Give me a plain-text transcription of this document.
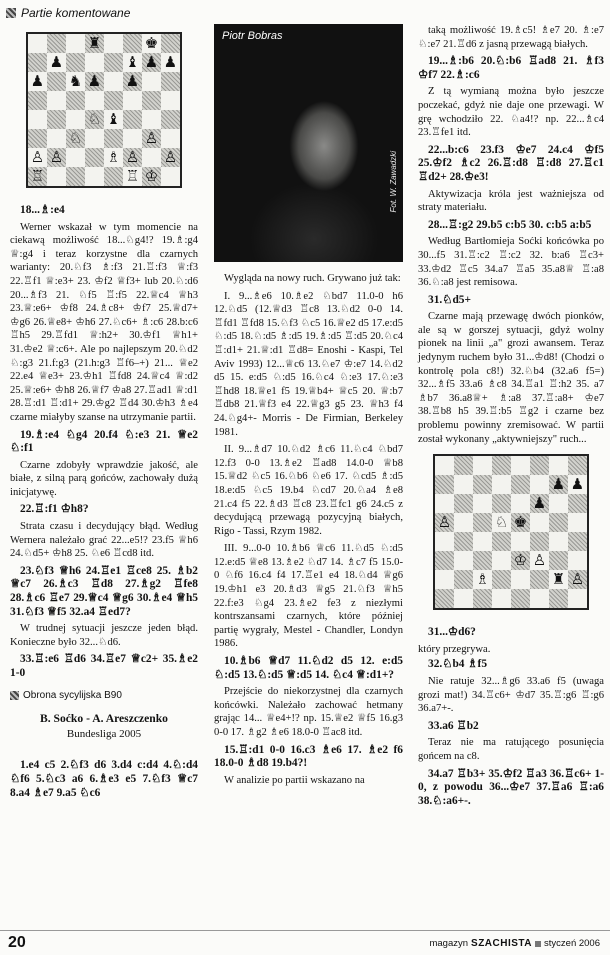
Partie komentowane
♜	♚
♟	♝ ♟ ♟
♟ ♞ ♟ ♟
♘ ♝
♘	♙
♙ ♙	♗ ♙ ♙
♖	♖ ♔
18...♗:e4

Werner wskazał w tym momencie na ciekawą możliwość 18...♘g4!? 19.♗:g4 ♕:g4 i teraz korzystne dla czarnych warianty: 20.♘f3 ♗:f3 21.♖:f3 ♕:f3 22.♖f1 ♕:e3+ 23. ♔f2 ♕f3+ lub 20.♘:d6 20...♗f3 21. ♘f5 ♖:f5 22.♕c4 ♕h3 23.♕:e6+ ♔f8 24.♗c8+ ♔f7 25.♕d7+ ♔g6 26.♕e8+ ♔h6 27.♘c6+ ♗:c6 28.b:c6 ♖h5 29.♖fd1 ♕:h2+ 30.♔f1 ♕h1+ 31.♔e2 ♕:c6+. Ale po najlepszym 20.♘d2 ♘:g3 21.f:g3 (21.h:g3 ♖f6–+) 21... ♕e2 22.e4 ♕e3+ 23.♔h1 ♖fd8 24.♕c4 ♕:d2 25.♕:e6+ ♔h8 26.♕f7 ♔a8 27.♖ad1 ♕:d1 28.♖:d1 ♖:d1+ 29.♔g2 ♖d4 30.♔h3 ♗e4 czarne miałyby szanse na utrzymanie partii.

19.♗:e4 ♘g4 20.f4 ♘:e3 21. ♕e2 ♘:f1

Czarne zdobyły wprawdzie jakość, ale białe, z silną parą gońców, zachowały dużą inicjatywę.

22.♖:f1 ♔h8?

Strata czasu i decydujący błąd. Według Wernera należało grać 22...e5!? 23.f5 ♕h6 24.♘d5+ ♔h8 25. ♘e6 ♖cd8 itd.

23.♘f3 ♕h6 24.♖e1 ♖ce8 25. ♗b2 ♕c7 26.♗c3 ♖d8 27.♗g2 ♖fe8 28.♗c6 ♖e7 29.♕c4 ♕g6 30.♗e4 ♕h5 31.♘f3 ♕f5 32.a4 ♖ed7?

W trudnej sytuacji jeszcze jeden błąd. Konieczne było 32...♘d6.

33.♖:e6 ♖d6 34.♖e7 ♕c2+ 35.♗e2 1-0
Obrona sycylijska B90
B. Soćko - A. Areszczenko
Bundesliga 2005
1.e4 c5 2.♘f3 d6 3.d4 c:d4 4.♘:d4 ♘f6 5.♘c3 a6 6.♗e3 e5 7.♘f3 ♕c7 8.a4 ♗e7 9.a5 ♘c6
Piotr Bobras
Fot. W. Zawadzki

Wygląda na nowy ruch. Grywano już tak:

I. 9...♗e6 10.♗e2 ♘bd7 11.0-0 h6 12.♘d5 (12.♕d3 ♖c8 13.♘d2 0-0 14. ♖fd1 ♖fd8 15.♘f3 ♘c5 16.♕e2 d5 17.e:d5 ♘:d5 18.♘:d5 ♗:d5 19.♗:d5 ♖:d5 20.♘c4 ♖:d1+ 21.♕:d1 ♖d8= Enoshi - Kaspi, Tel Aviv 1993) 12...♕c6 13.♘e7 ♔:e7 14.♘d2 d5 15. e:d5 ♘:d5 16.♘c4 ♘:e3 17.♘:e3 ♖hd8 18.♕e1 f5 19.♕b4+ ♕c5 20. ♕:b7 ♖db8 21.♕f3 e4 22.♕g3 g5 23. ♕h3 f4 24.♘g4+- Morris - De Firmian, Berkeley 1981.

II. 9...♗d7 10.♘d2 ♗c6 11.♘c4 ♘bd7 12.f3 0-0 13.♗e2 ♖ad8 14.0-0 ♕b8 15.♕d2 ♘c5 16.♘b6 ♘e6 17. ♘cd5 ♗:d5 18.e:d5 ♘c5 19.b4 ♘cd7 20.♘a4 ♗e8 21.c4 f5 22.♗d3 ♖c8 23.♖fc1 g6 24.c5 z decydującą przewagą pozycyjną białych, Rigo - Tassi, Rzym 1982.

III. 9...0-0 10.♗b6 ♕c6 11.♘d5 ♘:d5 12.e:d5 ♕e8 13.♗e2 ♘d7 14. ♗c7 f5 15.0-0 ♘f6 16.c4 f4 17.♖e1 e4 18.♘d4 ♕g6 19.♔h1 e3 20.♗d3 ♕g5 21.♘f3 ♕h5 22.f:e3 ♘g4 23.♗e2 fe3 z niezłymi kontrszansami czarnych, które później partię wygrały, Mestel - Chandler, Londyn 1986.

10.♗b6 ♕d7 11.♘d2 d5 12. e:d5 ♘:d5 13.♘:d5 ♕:d5 14. ♘c4 ♕:d1+?

Przejście do niekorzystnej dla czarnych końcówki. Należało zachować hetmany grając 14... ♕e4+!? np. 15.♕e2 ♕f5 16.g3 0-0 17. ♗g2 ♗e6 18.0-0 ♖ac8 itd.

15.♖:d1 0-0 16.c3 ♗e6 17. ♗e2 f6 18.0-0 ♗d8 19.b4?!

W analizie po partii wskazano na

taką możliwość 19.♗c5! ♗e7 20. ♗:e7 ♘:e7 21.♖d6 z jasną przewagą białych.

19...♗:b6 20.♘:b6 ♖ad8 21. ♗f3 ♔f7 22.♗:c6

Z tą wymianą można było jeszcze poczekać, gdyż nie daje one przewagi. W grę wchodziło 22. ♘a4!? np. 22...♗c4 23.♖fe1 itd.

22...b:c6 23.f3 ♔e7 24.c4 ♔f5 25.♔f2 ♗c2 26.♖:d8 ♖:d8 27.♖c1 ♖d2+ 28.♔e3!

Aktywizacja króla jest ważniejsza od straty materiału.

28...♖:g2 29.b5 c:b5 30. c:b5 a:b5

Według Bartłomieja Soćki końcówka po 30...f5 31.♖:c2 ♖:c2 32. b:a6 ♖c3+ 33.♔d2 ♖c5 34.a7 ♖a5 35.a8♕ ♖:a8 36.♘:a8 jest remisowa.

31.♘d5+

Czarne mają przewagę dwóch pionków, ale są w gorszej sytuacji, gdyż wolny pionek na linii „a" grozi awansem. Teraz jedynym ruchem było 31...♔d8! (Chodzi o kontrolę pola c8!) 32.♘b4 (32.a6 f5=) 32...♗f5 33.a6 ♗c8 34.♖a1 ♖:h2 35. a7 ♗b7 36.a8♕+ ♗:a8 37.♖:a8+ ♔e7 38.♖b8 h5 39.♖:b5 ♖g2 i czarne bez problemu powinny zremisować. W partii został wykonany „aktywniejszy" ruch...

♟ ♟
♟
♙	♘ ♚
♔ ♙
♗	♜ ♙
31...♔d6?
który przegrywa.
32.♘b4 ♗f5

Nie ratuje 32...♗g6 33.a6 f5 (uwaga grozi mat!) 34.♖c6+ ♔d7 35.♖:g6 ♖:g6 36.a7+-.

33.a6 ♖b2

Teraz nie ma ratującego posunięcia gońcem na c8.

34.a7 ♖b3+ 35.♔f2 ♖a3 36.♖c6+ 1-0, z powodu 36...♔e7 37.♖a6 ♖:a6 38.♘:a6+-.
20	magazyn SZACHISTA styczeń 2006
